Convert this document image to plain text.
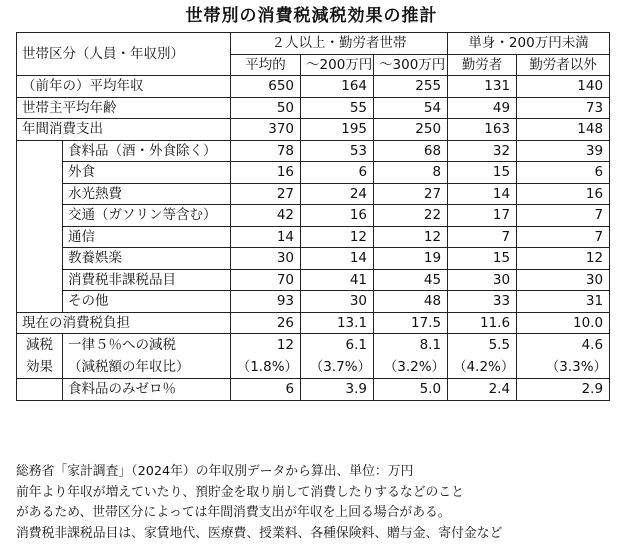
世帯別の消費税減税効果の推計
世帯区分（人員・年収別）		２人以上・勤労者世帯			単身・200万円未満	
		平均的	～200万円	～300万円	勤労者	勤労者以外
（前年の）平均年収		650	164	255	131	140
世帯主平均年齢		50	55	54	49	73
年間消費支出		370	195	250	163	148
	食料品（酒・外食除く）	78	53	68	32	39
	外食	16	6	8	15	6
	水光熱費	27	24	27	14	16
	交通（ガソリン等含む）	42	16	22	17	7
	通信	14	12	12	7	7
	教養娯楽	30	14	19	15	12
	消費税非課税品目	70	41	45	30	30
	その他	93	30	48	33	31
現在の消費税負担		26	13.1	17.5	11.6	10.0

減税
効果	一律５％への減税	12	6.1	8.1	5.5	4.6
	（減税額の年収比）	（1.8%）	（3.7%）	（3.2%）	（4.2%）	（3.3%）
	食料品のみゼロ％	6	3.9	5.0	2.4	2.9
総務省「家計調査」（2024年）の年収別データから算出、単位：万円
前年より年収が増えていたり、預貯金を取り崩して消費したりするなどのこと
があるため、世帯区分によっては年間消費支出が年収を上回る場合がある。
消費税非課税品目は、家賃地代、医療費、授業料、各種保険料、贈与金、寄付金など
